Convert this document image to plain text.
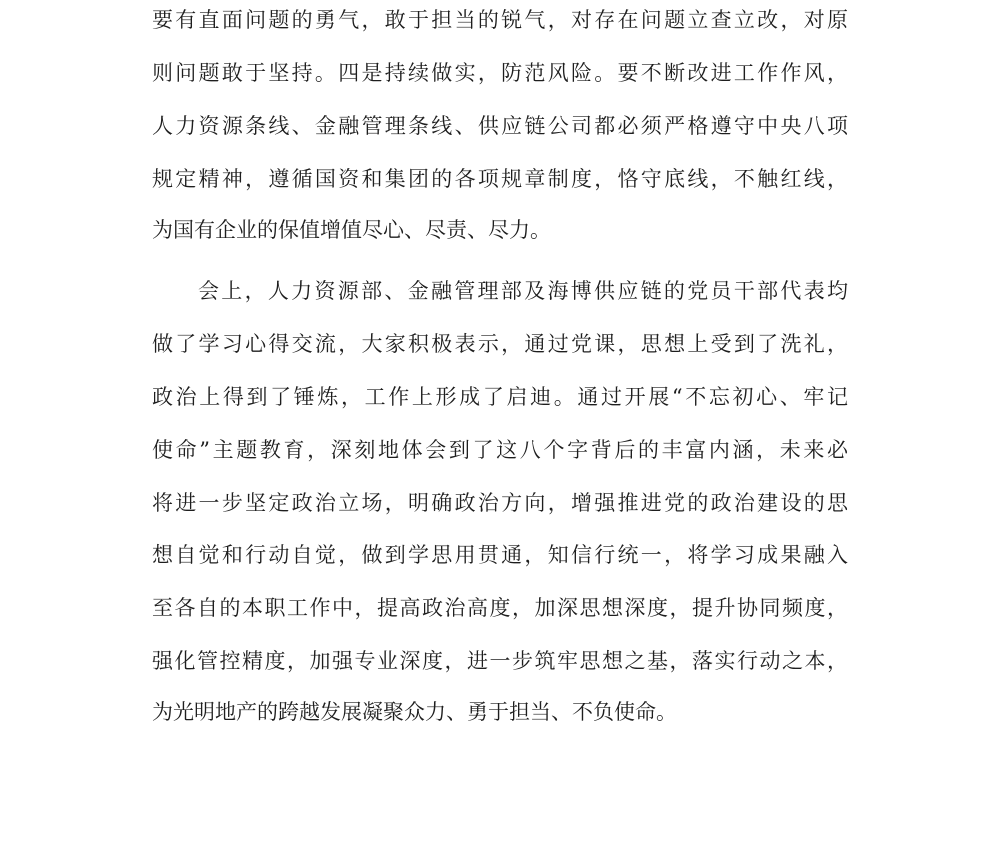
要有直面问题的勇气，敢于担当的锐气，对存在问题立查立改，对原
则问题敢于坚持。四是持续做实，防范风险。要不断改进工作作风，
人力资源条线、金融管理条线、供应链公司都必须严格遵守中央八项
规定精神，遵循国资和集团的各项规章制度，恪守底线，不触红线，
为国有企业的保值增值尽心、尽责、尽力。
会上，人力资源部、金融管理部及海博供应链的党员干部代表均
做了学习心得交流，大家积极表示，通过党课，思想上受到了洗礼，
政治上得到了锤炼，工作上形成了启迪。通过开展“不忘初心、牢记
使命”主题教育，深刻地体会到了这八个字背后的丰富内涵，未来必
将进一步坚定政治立场，明确政治方向，增强推进党的政治建设的思
想自觉和行动自觉，做到学思用贯通，知信行统一，将学习成果融入
至各自的本职工作中，提高政治高度，加深思想深度，提升协同频度，
强化管控精度，加强专业深度，进一步筑牢思想之基，落实行动之本，
为光明地产的跨越发展凝聚众力、勇于担当、不负使命。
